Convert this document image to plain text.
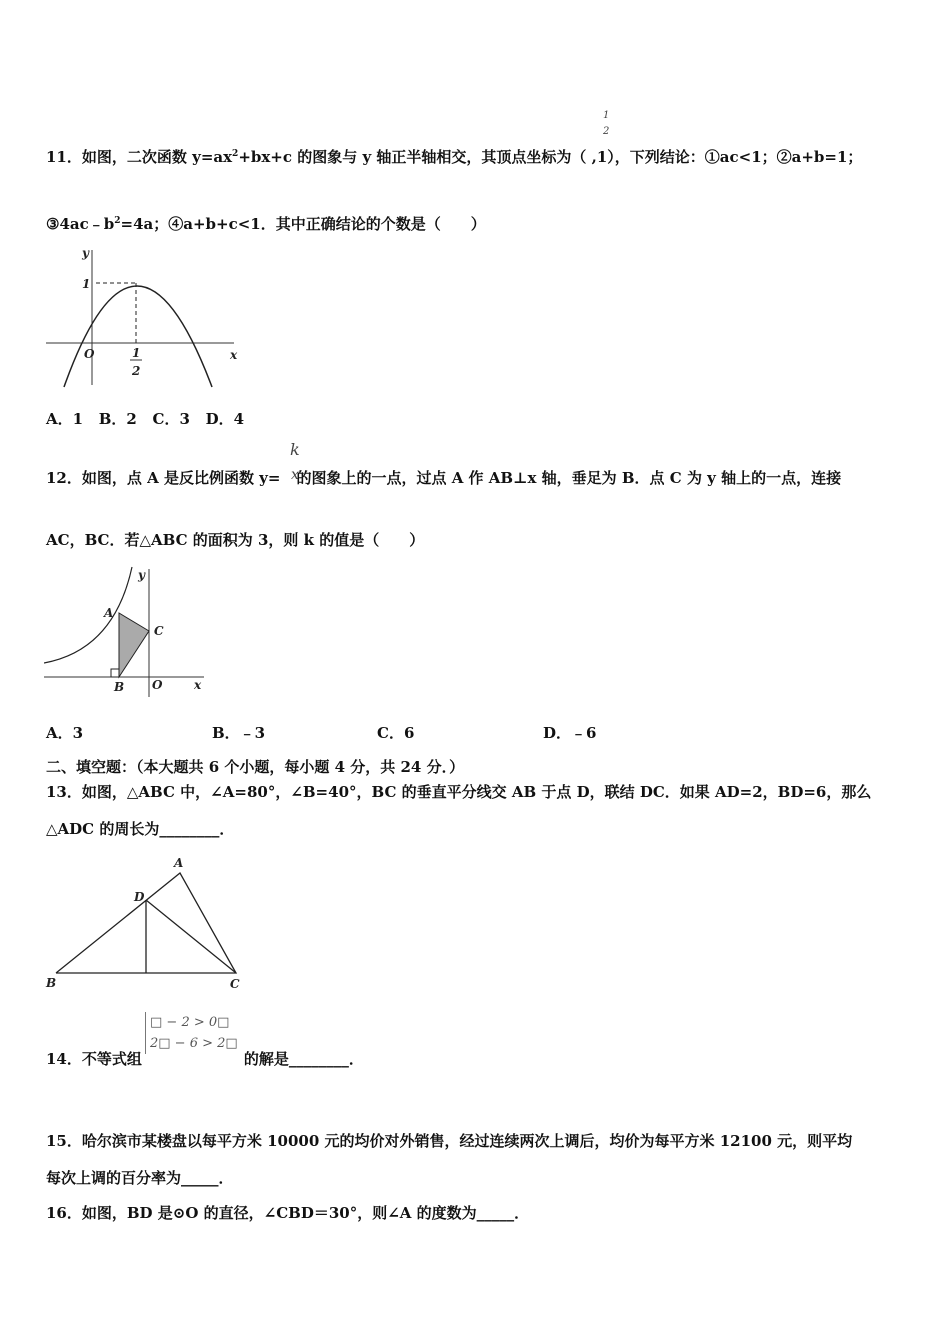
1
2
11．如图，二次函数 $y=ax^2+bx+c$ 的图象与 y 轴正半轴相交，其顶点坐标为（ ,1），下列结论：①ac<1；②a+b=1；
$③4ac﹣b^2=4a$；④a+b+c<1．其中正确结论的个数是（　　）
y
x
O
1
1
2
A．1 B．2 C．3 D．4
k
x
12．如图，点 A 是反比例函数 y= 的图象上的一点，过点 A 作 AB⊥x 轴，垂足为 B．点 C 为 y 轴上的一点，连接
AC，BC．若△ABC 的面积为 3，则 k 的值是（　　）
A
B
C
O
y
x
A．3	B．﹣3	C．6	D．﹣6
二、填空题：（本大题共 6 个小题，每小题 4 分，共 24 分．）
13．如图，△ABC 中，∠A=80°，∠B=40°，BC 的垂直平分线交 AB 于点 D，联结 DC．如果 AD=2，BD=6，那么
△ADC 的周长为________．
A
B	C
D
□ − 2 > 0□
2□ − 6 > 2□
14．不等式组	的解是________．
15．哈尔滨市某楼盘以每平方米 10000 元的均价对外销售，经过连续两次上调后，均价为每平方米 12100 元，则平均
每次上调的百分率为_____．
16．如图，BD 是⊙O 的直径，∠CBD＝30°，则∠A 的度数为_____．
